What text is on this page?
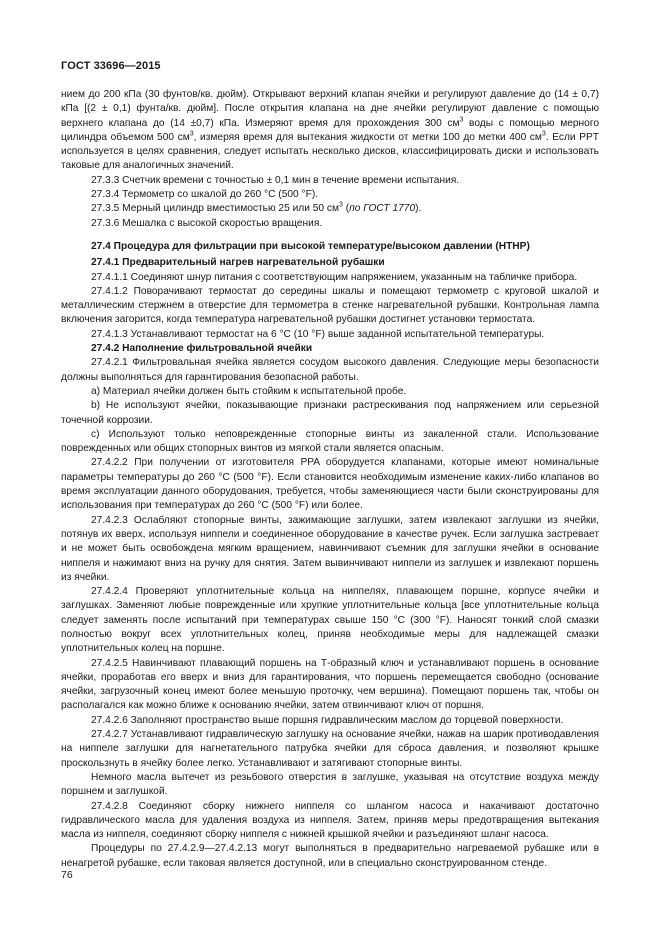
ГОСТ 33696—2015

нием до 200 кПа (30 фунтов/кв. дюйм). Открывают верхний клапан ячейки и регулируют давление до (14 ± 0,7) кПа [(2 ± 0,1) фунта/кв. дюйм]. После открытия клапана на дне ячейки регулируют давление с помощью верхнего клапана до (14 ±0,7) кПа. Измеряют время для прохождения 300 $см^3$ воды с помощью мерного цилиндра объемом 500 $см^3$, измеряя время для вытекания жидкости от метки 100 до метки 400 $см^3$. Если PPT используется в целях сравнения, следует испытать несколько дисков, классифицировать диски и использовать таковые для аналогичных значений.

27.3.3 Счетчик времени с точностью ± 0,1 мин в течение времени испытания.

27.3.4 Термометр со шкалой до 260 °С (500 °F).

27.3.5 Мерный цилиндр вместимостью 25 или 50 $см^3$ (по ГОСТ 1770).

27.3.6 Мешалка с высокой скоростью вращения.

27.4 Процедура для фильтрации при высокой температуре/высоком давлении (HTHP)

27.4.1 Предварительный нагрев нагревательной рубашки

27.4.1.1 Соединяют шнур питания с соответствующим напряжением, указанным на табличке прибора.

27.4.1.2 Поворачивают термостат до середины шкалы и помещают термометр с круговой шкалой и металлическим стержнем в отверстие для термометра в стенке нагревательной рубашки. Контрольная лампа включения загорится, когда температура нагревательной рубашки достигнет установки термостата.

27.4.1.3 Устанавливают термостат на 6 °С (10 °F) выше заданной испытательной температуры.

27.4.2 Наполнение фильтровальной ячейки

27.4.2.1 Фильтровальная ячейка является сосудом высокого давления. Следующие меры безопасности должны выполняться для гарантирования безопасной работы.

a) Материал ячейки должен быть стойким к испытательной пробе.

b) Не используют ячейки, показывающие признаки растрескивания под напряжением или серьезной точечной коррозии.

c) Используют только неповрежденные стопорные винты из закаленной стали. Использование поврежденных или общих стопорных винтов из мягкой стали является опасным.

27.4.2.2 При получении от изготовителя PPA оборудуется клапанами, которые имеют номинальные параметры температуры до 260 °С (500 °F). Если становится необходимым изменение каких-либо клапанов во время эксплуатации данного оборудования, требуется, чтобы заменяющиеся части были сконструированы для использования при температурах до 260 °С (500 °F) или более.

27.4.2.3 Ослабляют стопорные винты, зажимающие заглушки, затем извлекают заглушки из ячейки, потянув их вверх, используя ниппели и соединенное оборудование в качестве ручек. Если заглушка застревает и не может быть освобождена мягким вращением, навинчивают съемник для заглушки ячейки в основание ниппеля и нажимают вниз на ручку для снятия. Затем вывинчивают ниппели из заглушек и извлекают поршень из ячейки.

27.4.2.4 Проверяют уплотнительные кольца на ниппелях, плавающем поршне, корпусе ячейки и заглушках. Заменяют любые поврежденные или хрупкие уплотнительные кольца [все уплотнительные кольца следует заменять после испытаний при температурах свыше 150 °С (300 °F). Наносят тонкий слой смазки полностью вокруг всех уплотнительных колец, приняв необходимые меры для надлежащей смазки уплотнительных колец на поршне.

27.4.2.5 Навинчивают плавающий поршень на Т-образный ключ и устанавливают поршень в основание ячейки, проработав его вверх и вниз для гарантирования, что поршень перемещается свободно (основание ячейки, загрузочный конец имеют более меньшую проточку, чем вершина). Помещают поршень так, чтобы он располагался как можно ближе к основанию ячейки, затем отвинчивают ключ от поршня.

27.4.2.6 Заполняют пространство выше поршня гидравлическим маслом до торцевой поверхности.

27.4.2.7 Устанавливают гидравлическую заглушку на основание ячейки, нажав на шарик противодавления на ниппеле заглушки для нагнетательного патрубка ячейки для сброса давления, и позволяют крышке проскользнуть в ячейку более легко. Устанавливают и затягивают стопорные винты.

Немного масла вытечет из резьбового отверстия в заглушке, указывая на отсутствие воздуха между поршнем и заглушкой.

27.4.2.8 Соединяют сборку нижнего ниппеля со шлангом насоса и накачивают достаточно гидравлического масла для удаления воздуха из ниппеля. Затем, приняв меры предотвращения вытекания масла из ниппеля, соединяют сборку ниппеля с нижней крышкой ячейки и разъединяют шланг насоса.

Процедуры по 27.4.2.9—27.4.2.13 могут выполняться в предварительно нагреваемой рубашке или в ненагретой рубашке, если таковая является доступной, или в специально сконструированном стенде.

76
